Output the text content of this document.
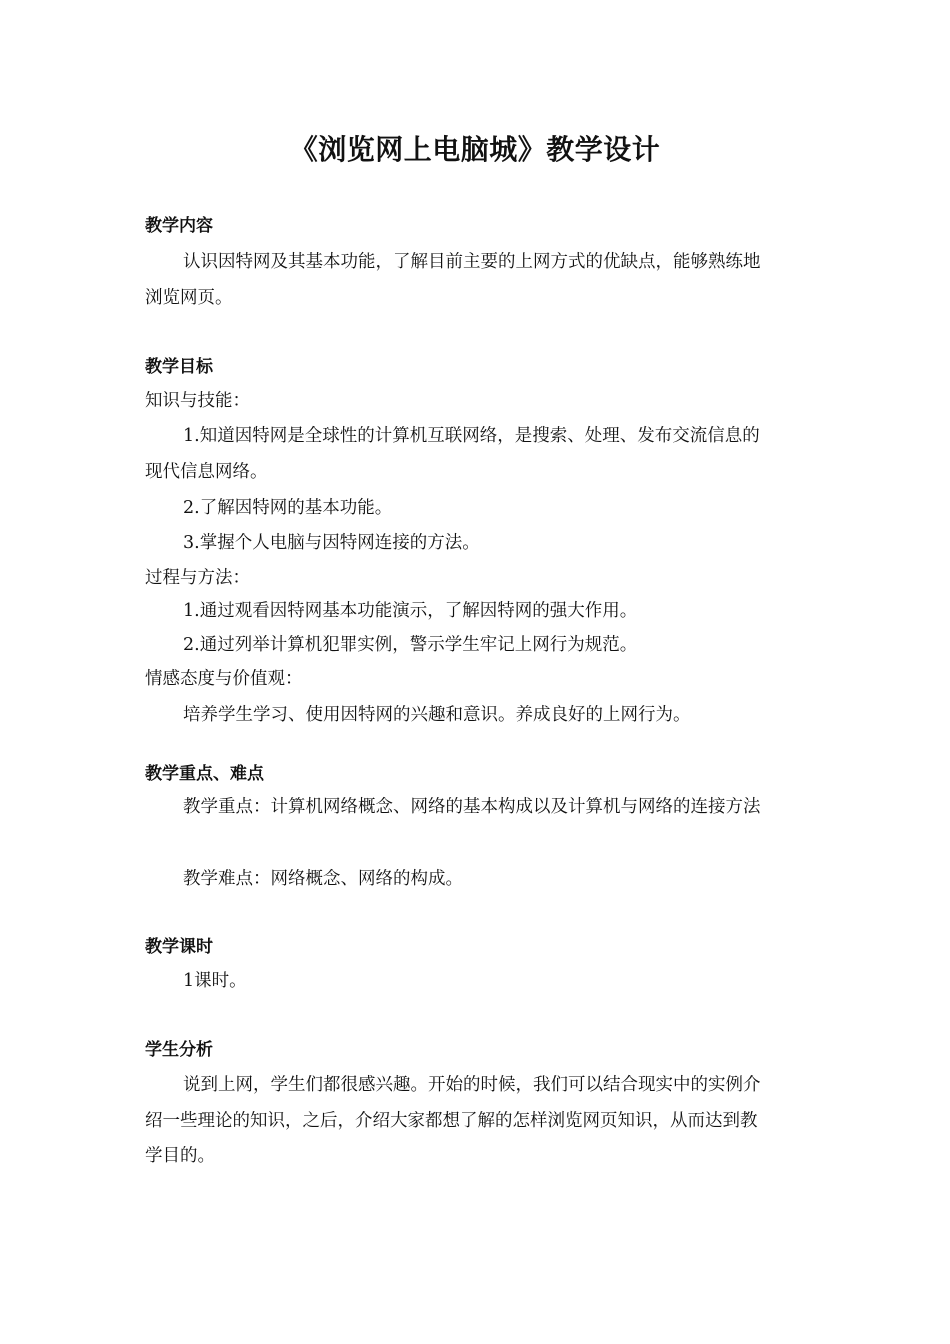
《浏览网上电脑城》教学设计
教学内容
认识因特网及其基本功能，了解目前主要的上网方式的优缺点，能够熟练地
浏览网页。
教学目标
知识与技能：
1.知道因特网是全球性的计算机互联网络，是搜索、处理、发布交流信息的
现代信息网络。
2.了解因特网的基本功能。
3.掌握个人电脑与因特网连接的方法。
过程与方法：
1.通过观看因特网基本功能演示，了解因特网的强大作用。
2.通过列举计算机犯罪实例，警示学生牢记上网行为规范。
情感态度与价值观：
培养学生学习、使用因特网的兴趣和意识。养成良好的上网行为。
教学重点、难点
教学重点：计算机网络概念、网络的基本构成以及计算机与网络的连接方法
教学难点：网络概念、网络的构成。
教学课时
1课时。
学生分析
说到上网，学生们都很感兴趣。开始的时候，我们可以结合现实中的实例介
绍一些理论的知识，之后，介绍大家都想了解的怎样浏览网页知识，从而达到教
学目的。
